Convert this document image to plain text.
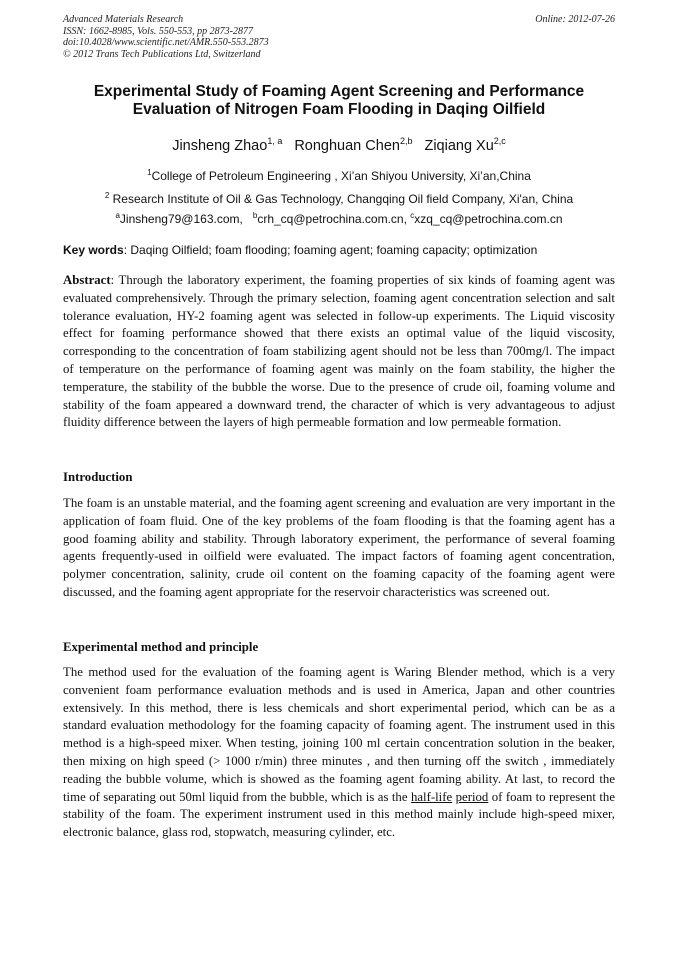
Advanced Materials Research
ISSN: 1662-8985, Vols. 550-553, pp 2873-2877
doi:10.4028/www.scientific.net/AMR.550-553.2873
© 2012 Trans Tech Publications Ltd, Switzerland
Online: 2012-07-26
Experimental Study of Foaming Agent Screening and Performance
Evaluation of Nitrogen Foam Flooding in Daqing Oilfield
Jinsheng Zhao$^{1, a}$ Ronghuan Chen$^{2,b}$ Ziqiang Xu$^{2,c}$
$^1$College of Petroleum Engineering , Xi’an Shiyou University, Xi’an,China
$^2$ Research Institute of Oil & Gas Technology, Changqing Oil field Company, Xi'an, China
$^a$Jinsheng79@163.com, $^b$crh_cq@petrochina.com.cn, $^c$xzq_cq@petrochina.com.cn
Key words: Daqing Oilfield; foam flooding; foaming agent; foaming capacity; optimization
Abstract: Through the laboratory experiment, the foaming properties of six kinds of foaming agent was evaluated comprehensively. Through the primary selection, foaming agent concentration selection and salt tolerance evaluation, HY-2 foaming agent was selected in follow-up experiments. The Liquid viscosity effect for foaming performance showed that there exists an optimal value of the liquid viscosity, corresponding to the concentration of foam stabilizing agent should not be less than 700mg/l. The impact of temperature on the performance of foaming agent was mainly on the foam stability, the higher the temperature, the stability of the bubble the worse. Due to the presence of crude oil, foaming volume and stability of the foam appeared a downward trend, the character of which is very advantageous to adjust fluidity difference between the layers of high permeable formation and low permeable formation.
Introduction
The foam is an unstable material, and the foaming agent screening and evaluation are very important in the application of foam fluid. One of the key problems of the foam flooding is that the foaming agent has a good foaming ability and stability. Through laboratory experiment, the performance of several foaming agents frequently-used in oilfield were evaluated. The impact factors of foaming agent concentration, polymer concentration, salinity, crude oil content on the foaming capacity of the foaming agent were discussed, and the foaming agent appropriate for the reservoir characteristics was screened out.
Experimental method and principle
The method used for the evaluation of the foaming agent is Waring Blender method, which is a very convenient foam performance evaluation methods and is used in America, Japan and other countries extensively. In this method, there is less chemicals and short experimental period, which can be as a standard evaluation methodology for the foaming capacity of foaming agent. The instrument used in this method is a high-speed mixer. When testing, joining 100 ml certain concentration solution in the beaker, then mixing on high speed (> 1000 r/min) three minutes , and then turning off the switch , immediately reading the bubble volume, which is showed as the foaming agent foaming ability. At last, to record the time of separating out 50ml liquid from the bubble, which is as the half-life period of foam to represent the stability of the foam. The experiment instrument used in this method mainly include high-speed mixer, electronic balance, glass rod, stopwatch, measuring cylinder, etc.
